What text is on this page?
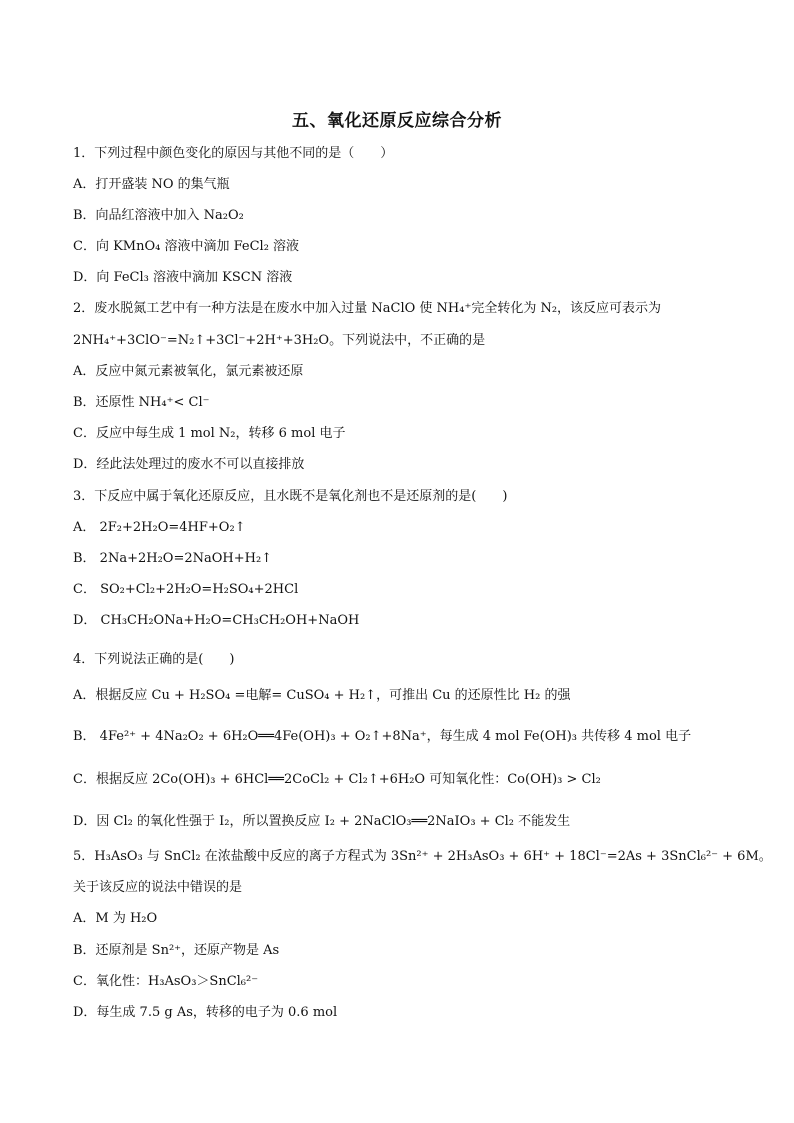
五、氧化还原反应综合分析
1．下列过程中颜色变化的原因与其他不同的是（　　）
A．打开盛装 NO 的集气瓶
B．向品红溶液中加入 Na₂O₂
C．向 KMnO₄ 溶液中滴加 FeCl₂ 溶液
D．向 FeCl₃ 溶液中滴加 KSCN 溶液
2．废水脱氮工艺中有一种方法是在废水中加入过量 NaClO 使 NH₄⁺完全转化为 N₂，该反应可表示为
2NH₄⁺+3ClO⁻=N₂↑+3Cl⁻+2H⁺+3H₂O。下列说法中，不正确的是
A．反应中氮元素被氧化，氯元素被还原
B．还原性 NH₄⁺< Cl⁻
C．反应中每生成 1 mol N₂，转移 6 mol 电子
D．经此法处理过的废水不可以直接排放
3．下反应中属于氧化还原反应，且水既不是氧化剂也不是还原剂的是(　　)
A． 2F₂+2H₂O=4HF+O₂↑
B． 2Na+2H₂O=2NaOH+H₂↑
C． SO₂+Cl₂+2H₂O=H₂SO₄+2HCl
D． CH₃CH₂ONa+H₂O=CH₃CH₂OH+NaOH
4．下列说法正确的是(　　)
A．根据反应 Cu + H₂SO₄ =电解= CuSO₄ + H₂↑，可推出 Cu 的还原性比 H₂ 的强
B． 4Fe²⁺ + 4Na₂O₂ + 6H₂O══4Fe(OH)₃ + O₂↑+8Na⁺，每生成 4 mol Fe(OH)₃ 共传移 4 mol 电子
C．根据反应 2Co(OH)₃ + 6HCl══2CoCl₂ + Cl₂↑+6H₂O 可知氧化性：Co(OH)₃ > Cl₂
D．因 Cl₂ 的氧化性强于 I₂，所以置换反应 I₂ + 2NaClO₃══2NaIO₃ + Cl₂ 不能发生
5．H₃AsO₃ 与 SnCl₂ 在浓盐酸中反应的离子方程式为 3Sn²⁺ + 2H₃AsO₃ + 6H⁺ + 18Cl⁻=2As + 3SnCl₆²⁻ + 6M。
关于该反应的说法中错误的是
A．M 为 H₂O
B．还原剂是 Sn²⁺，还原产物是 As
C．氧化性：H₃AsO₃＞SnCl₆²⁻
D．每生成 7.5 g As，转移的电子为 0.6 mol
